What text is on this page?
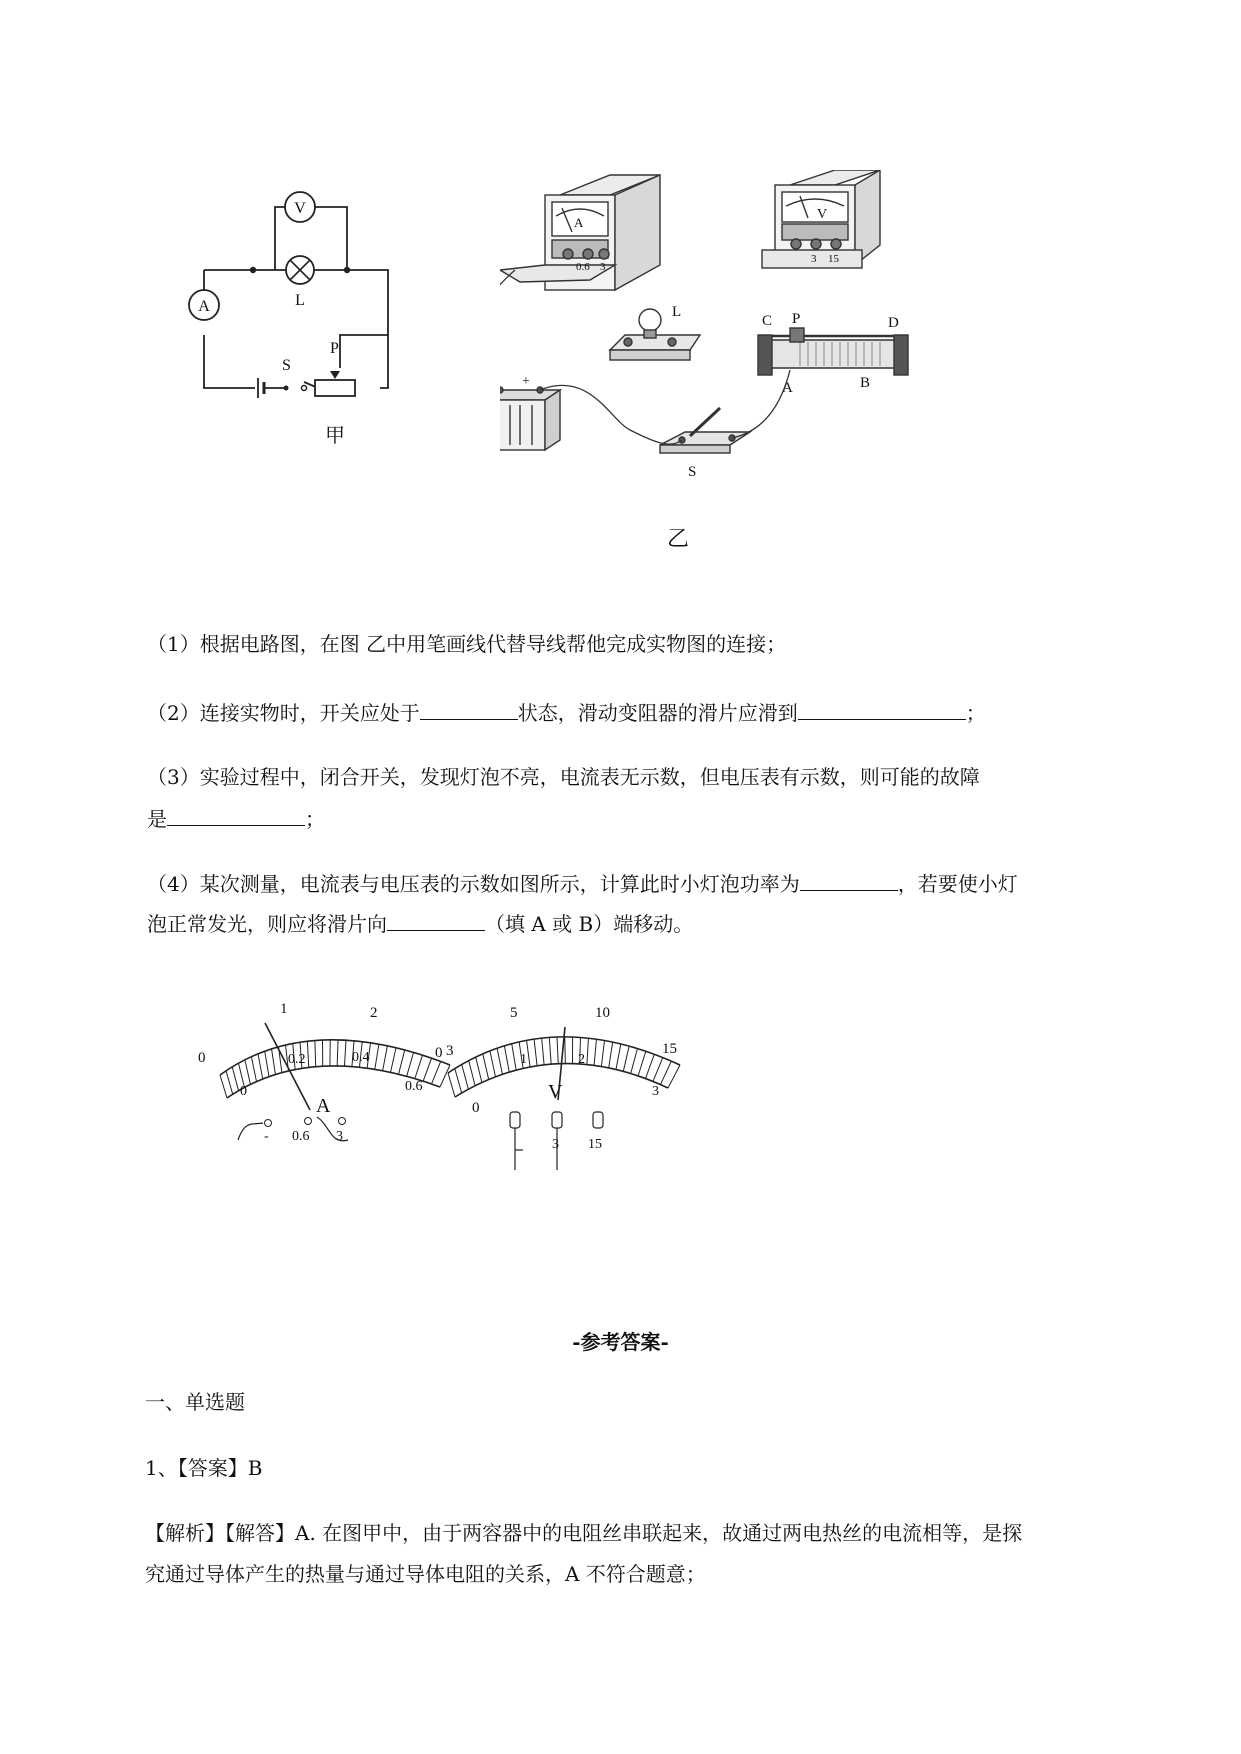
V
L
A
S
P
甲
A
0.6 3
V
3 15
L
C P	D
A	B
+
S
乙
（1）根据电路图，在图 乙中用笔画线代替导线帮他完成实物图的连接；
（2）连接实物时，开关应处于	状态，滑动变阻器的滑片应滑到	；
（3）实验过程中，闭合开关，发现灯泡不亮，电流表无示数，但电压表有示数，则可能的故障
是	；
（4）某次测量，电流表与电压表的示数如图所示，计算此时小灯泡功率为	，若要使小灯
泡正常发光，则应将滑片向	（填 A 或 B）端移动。
0
1	2
3
0
0.2	0.4
0.6
A
- 0.6 3
0
5	10
15
0
1	2
3
V
3 15
-参考答案-
一、单选题
1、【答案】B
【解析】【解答】A. 在图甲中，由于两容器中的电阻丝串联起来，故通过两电热丝的电流相等，是探
究通过导体产生的热量与通过导体电阻的关系，A 不符合题意；
